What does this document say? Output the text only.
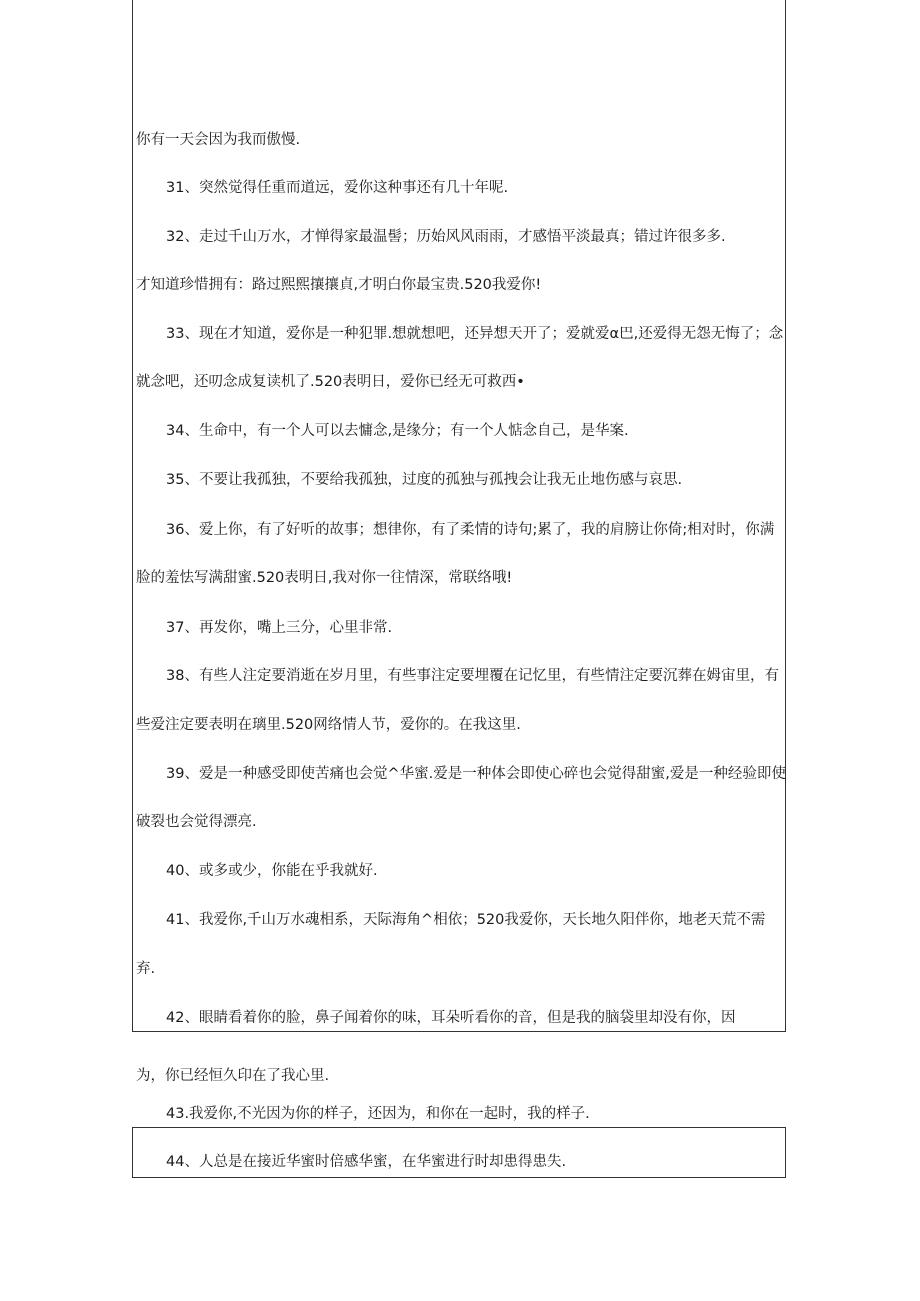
你有一天会因为我而傲慢.
31、突然觉得任重而道远，爱你这种事还有几十年呢.
32、走过千山万水，才惮得家最温髻；历始风风雨雨，才感悟平淡最真；错过许很多多.
才知道珍惜拥有：路过熙熙攘攘貞,才明白你最宝贵.520我爱你!
33、现在才知道，爱你是一种犯罪.想就想吧，还异想天开了；爱就爱α巴,还爱得无怨无悔了；念
就念吧，还叨念成复读机了.520表明日，爱你已经无可救西•
34、生命中，有一个人可以去慵念,是缘分；有一个人惦念自己，是华案.
35、不要让我孤独，不要给我孤独，过度的孤独与孤拽会让我无止地伤感与哀思.
36、爱上你，有了好听的故事；想律你，有了柔情的诗句;累了，我的肩膀让你倚;相对时，你满
脸的羞怯写满甜蜜.520表明日,我对你一往情深，常联络哦!
37、再发你，嘴上三分，心里非常.
38、有些人注定要消逝在岁月里，有些事注定要埋覆在记忆里，有些情注定要沉葬在姆宙里，有
些爱注定要表明在璃里.520网络情人节，爱你的。在我这里.
39、爱是一种感受即使苦痛也会觉^华蜜.爱是一种体会即使心碎也会觉得甜蜜,爱是一种经验即使
破裂也会觉得漂亮.
40、或多或少，你能在乎我就好.
41、我爱你,千山万水魂相系，天际海角^相依；520我爱你，天长地久阳伴你，地老天荒不需
弃.
42、眼睛看着你的脸，鼻子闻着你的味，耳朵听看你的音，但是我的脑袋里却没有你，因
为，你已经恒久印在了我心里.
43.我爱你,不光因为你的样子，还因为，和你在一起时，我的样子.
44、人总是在接近华蜜时倍感华蜜，在华蜜进行时却患得患失.
